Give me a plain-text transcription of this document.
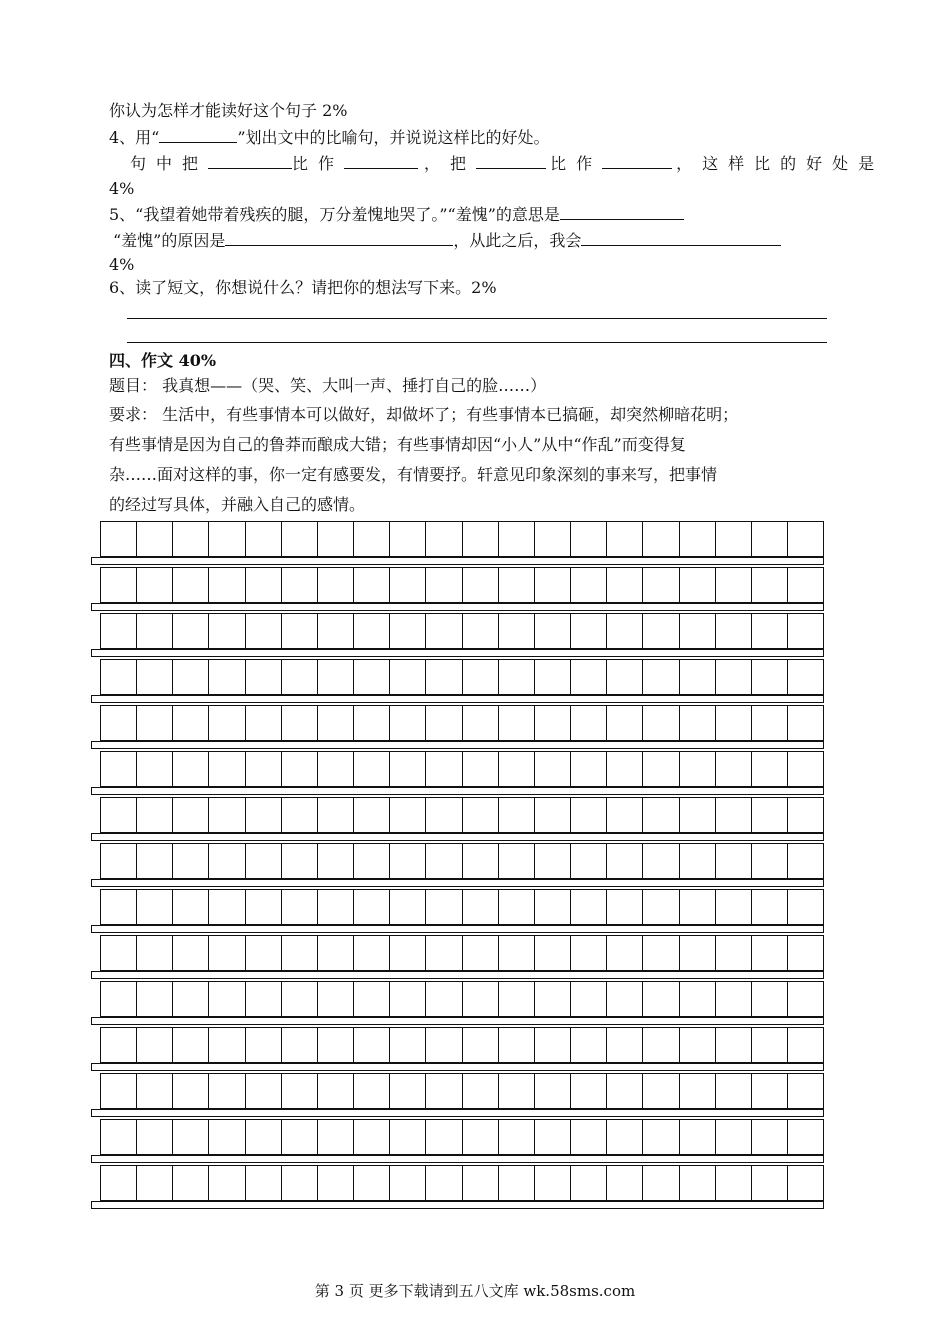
你认为怎样才能读好这个句子 2%
4、用“	”划出文中的比喻句，并说说这样比的好处。
句中把	比作	，把	比作	，这样比的好处是
4%
5、“我望着她带着残疾的腿，万分羞愧地哭了。”“羞愧”的意思是
“羞愧”的原因是	，从此之后，我会
4%
6、读了短文，你想说什么？请把你的想法写下来。2%
四、作文 40%
题目： 我真想——（哭、笑、大叫一声、捶打自己的脸……）
要求： 生活中，有些事情本可以做好，却做坏了；有些事情本已搞砸，却突然柳暗花明；
有些事情是因为自己的鲁莽而酿成大错；有些事情却因“小人”从中“作乱”而变得复
杂……面对这样的事，你一定有感要发，有情要抒。轩意见印象深刻的事来写，把事情
的经过写具体，并融入自己的感情。
第 3 页 更多下载请到五八文库 wk.58sms.com
